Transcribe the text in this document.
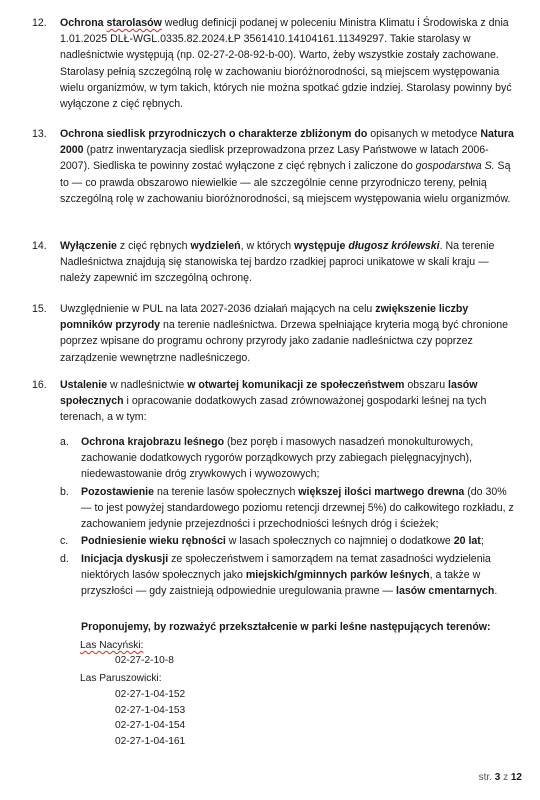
12.	Ochrona starolasów według definicji podanej w poleceniu Ministra Klimatu i Środowiska z dnia 1.01.2025 DLŁ-WGL.0335.82.2024.ŁP 3561410.14104161.11349297. Takie starolasy w nadleśnictwie występują (np. 02-27-2-08-92-b-00). Warto, żeby wszystkie zostały zachowane. Starolasy pełnią szczególną rolę w zachowaniu bioróżnorodności, są miejscem występowania wielu organizmów, w tym takich, których nie można spotkać gdzie indziej. Starolasy powinny być wyłączone z cięć rębnych.
13.	Ochrona siedlisk przyrodniczych o charakterze zbliżonym do opisanych w metodyce Natura 2000 (patrz inwentaryzacja siedlisk przeprowadzona przez Lasy Państwowe w latach 2006-2007). Siedliska te powinny zostać wyłączone z cięć rębnych i zaliczone do gospodarstwa S. Są to — co prawda obszarowo niewielkie — ale szczególnie cenne przyrodniczo tereny, pełnią szczególną rolę w zachowaniu bioróżnorodności, są miejscem występowania wielu organizmów.
14.	Wyłączenie z cięć rębnych wydzieleń, w których występuje długosz królewski. Na terenie Nadleśnictwa znajdują się stanowiska tej bardzo rzadkiej paproci unikatowe w skali kraju — należy zapewnić im szczególną ochronę.
15.	Uwzględnienie w PUL na lata 2027-2036 działań mających na celu zwiększenie liczby pomników przyrody na terenie nadleśnictwa. Drzewa spełniające kryteria mogą być chronione poprzez wpisane do programu ochrony przyrody jako zadanie nadleśnictwa czy poprzez zarządzenie wewnętrzne nadleśniczego.
16.	Ustalenie w nadleśnictwie w otwartej komunikacji ze społeczeństwem obszaru lasów społecznych i opracowanie dodatkowych zasad zrównoważonej gospodarki leśnej na tych terenach, a w tym:
a.	Ochrona krajobrazu leśnego (bez poręb i masowych nasadzeń monokulturowych, zachowanie dodatkowych rygorów porządkowych przy zabiegach pielęgnacyjnych), niedewastowanie dróg zrywkowych i wywozowych;
b.	Pozostawienie na terenie lasów społecznych większej ilości martwego drewna (do 30% — to jest powyżej standardowego poziomu retencji drzewnej 5%) do całkowitego rozkładu, z zachowaniem jedynie przejezdności i przechodniości leśnych dróg i ścieżek;
c.	Podniesienie wieku rębności w lasach społecznych co najmniej o dodatkowe 20 lat;
d.	Inicjacja dyskusji ze społeczeństwem i samorządem na temat zasadności wydzielenia niektórych lasów społecznych jako miejskich/gminnych parków leśnych, a także w przyszłości — gdy zaistnieją odpowiednie uregulowania prawne — lasów cmentarnych.
Proponujemy, by rozważyć przekształcenie w parki leśne następujących terenów:
Las Nacyński:
02-27-2-10-8
Las Paruszowicki:
02-27-1-04-152
02-27-1-04-153
02-27-1-04-154
02-27-1-04-161
str. 3 z 12
